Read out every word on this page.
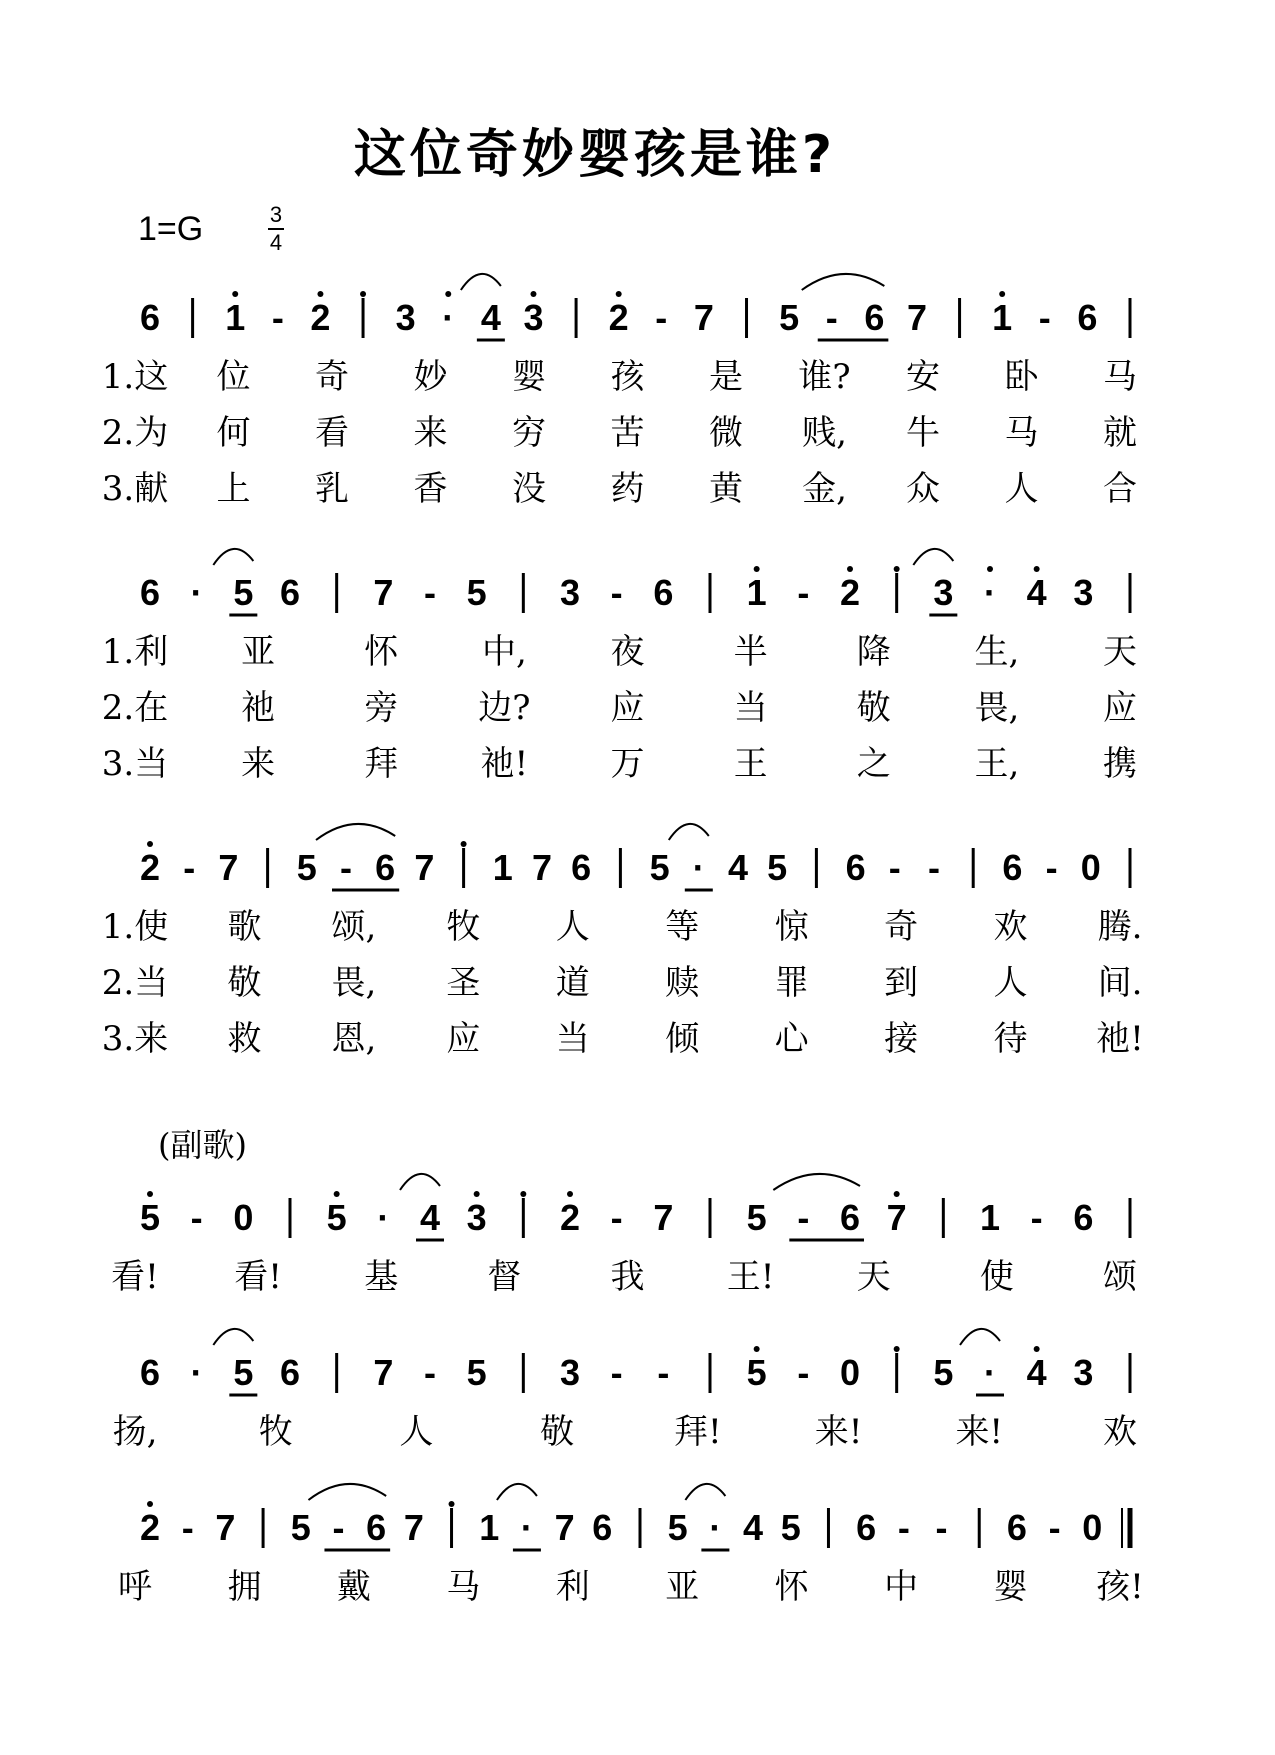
这位奇妙婴孩是谁?
1=G	3
4
(副歌)
6 1 - 2 3 · 4 3 2 - 7 5 - 6 7 1 - 6
1.这 位 奇 妙 婴 孩 是 谁? 安 卧 马
2.为 何 看 来 穷 苦 微 贱, 牛 马 就
3.献 上 乳 香 没 药 黄 金, 众 人 合
6 · 5 6 7 - 5 3 - 6 1 - 2 3 · 4 3
1.利 亚	怀 中, 夜	半	降 生, 天
2.在 祂	旁 边? 应	当	敬 畏, 应
3.当 来	拜 祂! 万	王	之 王, 携
2 - 7 5 - 6 7 1 7 6 5 · 4 5 6 - - 6 - 0
1.使 歌 颂, 牧 人 等 惊 奇 欢 腾.
2.当 敬 畏, 圣 道 赎 罪 到 人 间.
3.来 救 恩, 应 当 倾 心 接 待 祂!
5 - 0 5 · 4 3 2 - 7 5 - 6 7 1 - 6
看! 看! 基	督	我 王! 天	使	颂
6 · 5 6 7 - 5 3 - - 5 - 0 5 · 4 3
扬,	牧	人	敬	拜!	来!	来!	欢
2 - 7 5 - 6 7 1 · 7 6 5 · 4 5 6 - - 6 - 0
呼 拥 戴 马 利 亚 怀 中 婴 孩!
